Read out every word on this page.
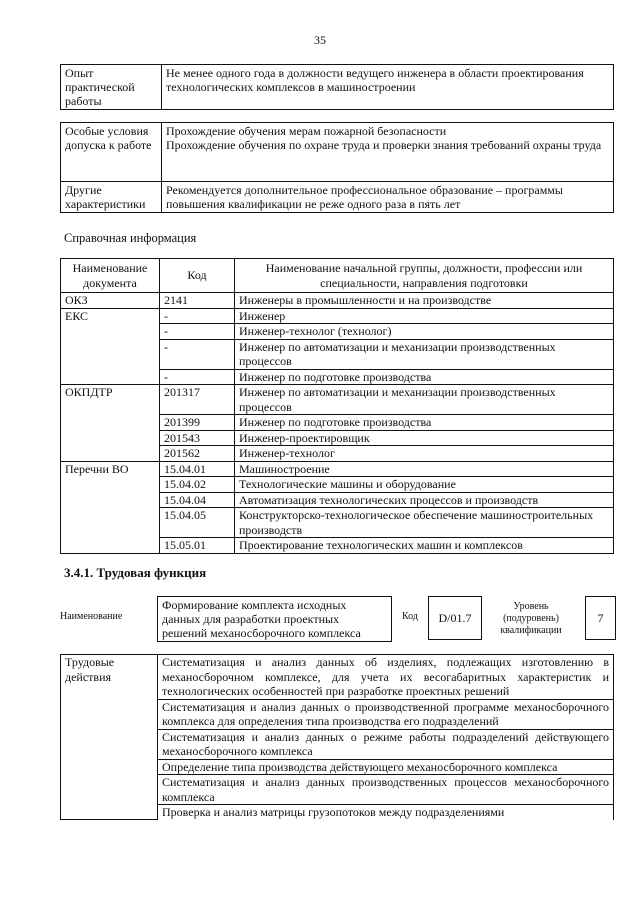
35
Опыт практической работы	Не менее одного года в должности ведущего инженера в области проектирования технологических комплексов в машиностроении
Особые условия допуска к работе	Прохождение обучения мерам пожарной безопасности
Прохождение обучения по охране труда и проверки знания требований охраны труда

Другие характеристики	Рекомендуется дополнительное профессиональное образование – программы повышения квалификации не реже одного раза в пять лет
Справочная информация
Наименование документа	Код	Наименование начальной группы, должности, профессии или специальности, направления подготовки
ОКЗ	2141	Инженеры в промышленности и на производстве
ЕКС	-	Инженер
	-	Инженер-технолог (технолог)
	-	Инженер по автоматизации и механизации производственных процессов
	-	Инженер по подготовке производства
ОКПДТР	201317	Инженер по автоматизации и механизации производственных процессов
	201399	Инженер по подготовке производства
	201543	Инженер-проектировщик
	201562	Инженер-технолог
Перечни ВО	15.04.01	Машиностроение
	15.04.02	Технологические машины и оборудование
	15.04.04	Автоматизация технологических процессов и производств
	15.04.05	Конструкторско-технологическое обеспечение машиностроительных производств
	15.05.01	Проектирование технологических машин и комплексов
3.4.1. Трудовая функция
Наименование
Формирование комплекта исходных данных для разработки проектных решений механосборочного комплекса
Код	D/01.7
Уровень (подуровень) квалификации
7
Трудовые действия	Систематизация и анализ данных об изделиях, подлежащих изготовлению в механосборочном комплексе, для учета их весогабаритных характеристик и технологических особенностей при разработке проектных решений
Систематизация и анализ данных о производственной программе механосборочного комплекса для определения типа производства его подразделений
Систематизация и анализ данных о режиме работы подразделений действующего механосборочного комплекса
Определение типа производства действующего механосборочного комплекса
Систематизация и анализ данных производственных процессов механосборочного комплекса
Проверка и анализ матрицы грузопотоков между подразделениями
